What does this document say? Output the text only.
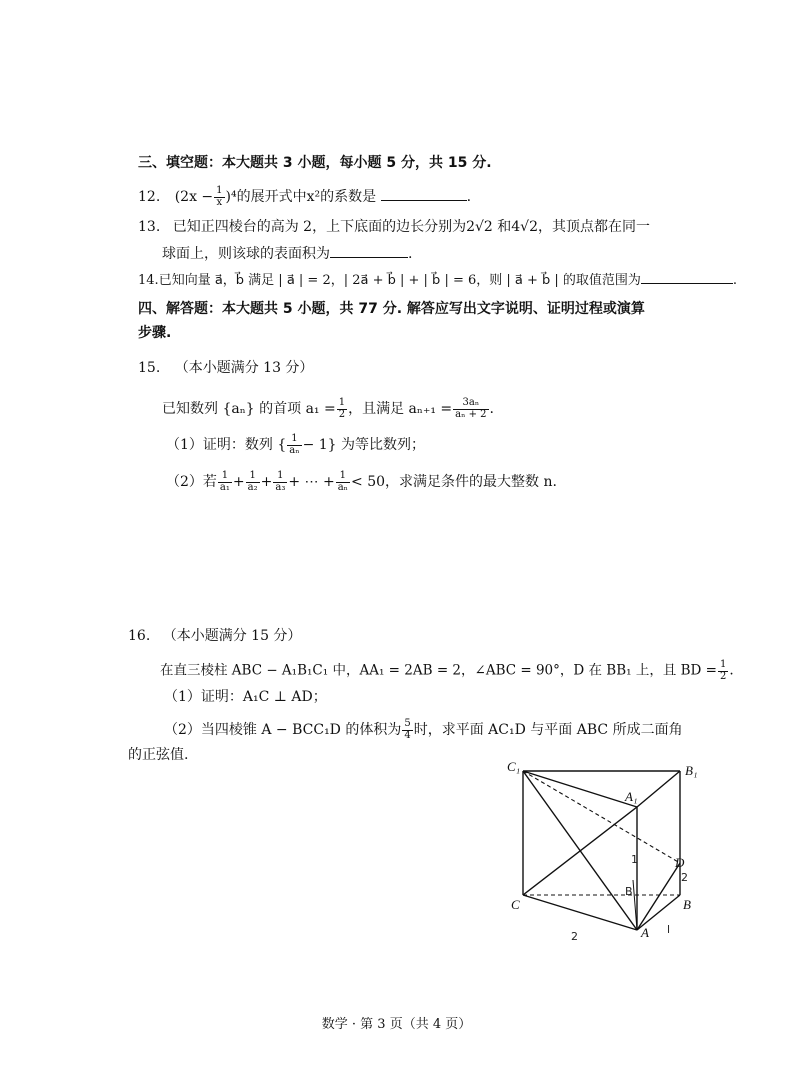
三、填空题：本大题共 3 小题，每小题 5 分，共 15 分.
12. $(2x - \frac{1}{x} )^4$的展开式中x²的系数是	.
13. 已知正四棱台的高为 2，上下底面的边长分别为2√2 和4√2，其顶点都在同一
球面上，则该球的表面积为	.
14.已知向量 a⃗，b⃗ 满足 | a⃗ | = 2，| 2a⃗ + b⃗ | + | b⃗ | = 6，则 | a⃗ + b⃗ | 的取值范围为	.
四、解答题：本大题共 5 小题，共 77 分. 解答应写出文字说明、证明过程或演算
步骤.
15. （本小题满分 13 分）
已知数列 {aₙ} 的首项 $a_1 = \frac{1}{2}$ ，且满足 $a_{n+1} = \frac{\text{3aₙ}}{\text{aₙ + 2}}$ .
（1）证明：数列 { $\frac{1}{\text{aₙ}} - 1$} 为等比数列；
（2）若 $\frac{1}{\text{a₁}} + \frac{1}{\text{a₂}} + \frac{1}{\text{a₃}}$ + ⋯ + $\frac{1}{\text{aₙ}} < 50$，求满足条件的最大整数 n.
16. （本小题满分 15 分）
在直三棱柱 ABC − A₁B₁C₁ 中，AA₁ = 2AB = 2，∠ABC = 90°，D 在 BB₁ 上，且 BD = $\frac{1}{2}$ .
（1）证明：A₁C ⊥ AD；
（2）当四棱锥 A − BCC₁D 的体积为 $\frac{5}{4}$ 时，求平面 AC₁D 与平面 ABC 所成二面角
的正弦值.
C₁	B₁
A₁
D
C	B
A
1
B
2
2
l
数学 · 第 3 页（共 4 页）
